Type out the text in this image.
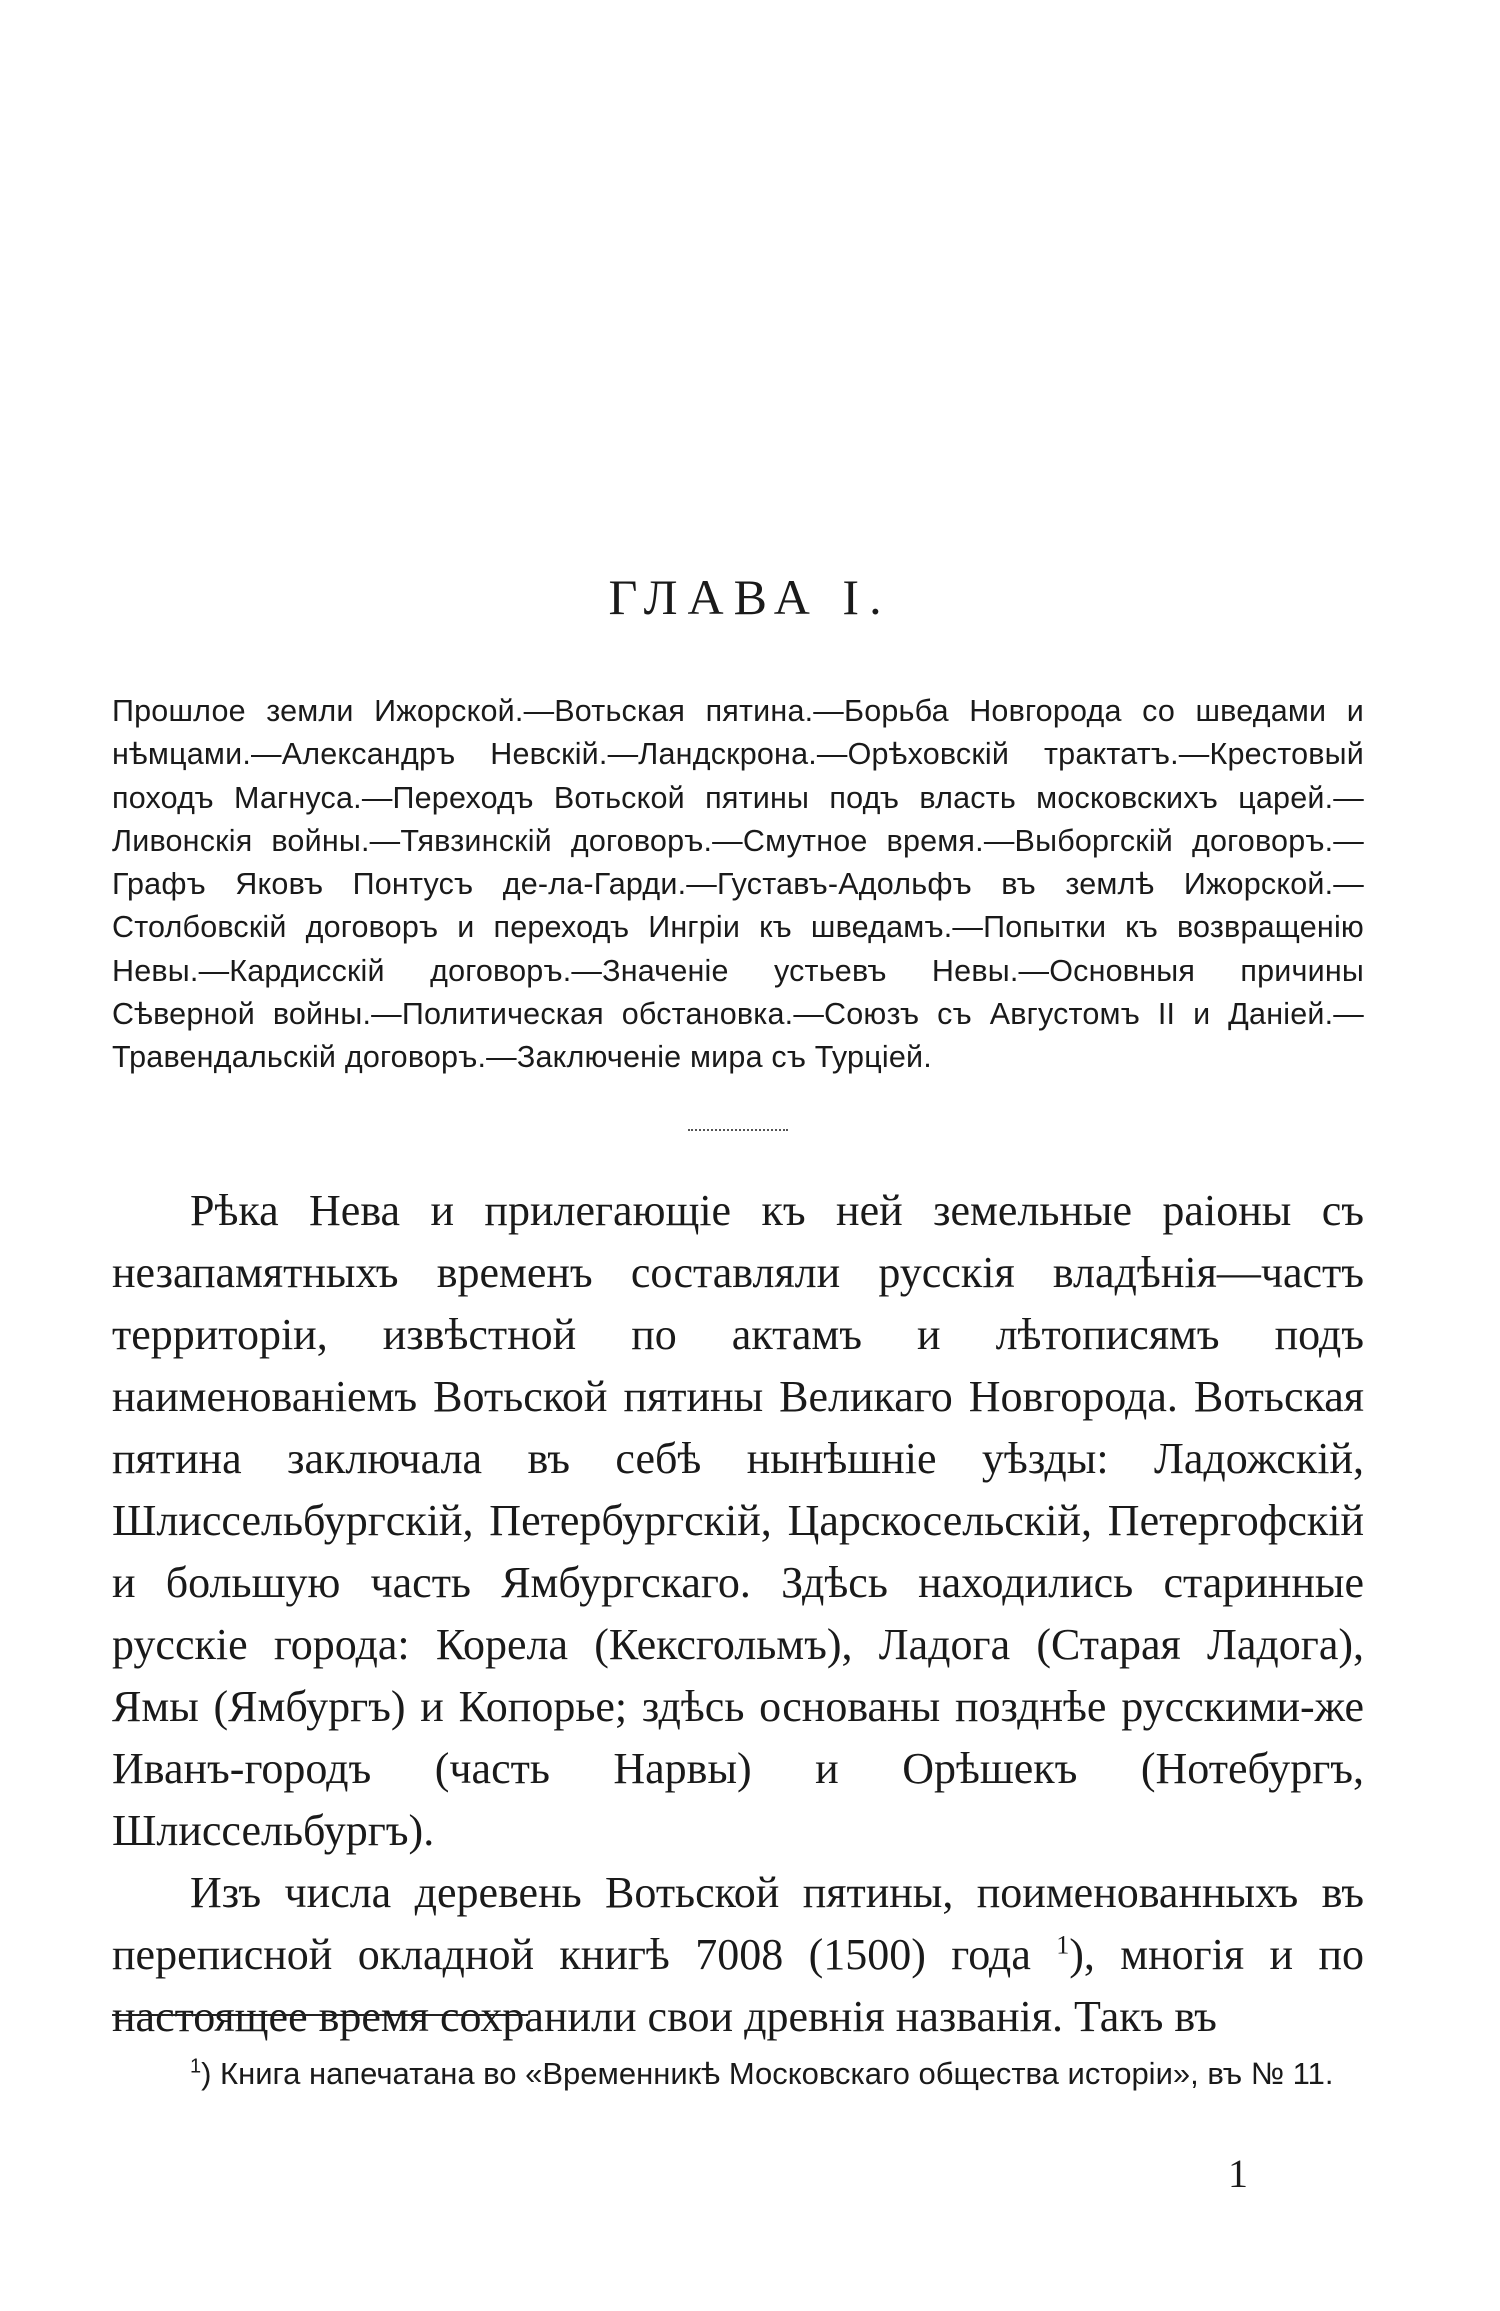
ГЛАВА I.

Прошлое земли Ижорской.—Вотьская пятина.—Борьба Новгорода со шведами и нѣмцами.—Александръ Невскій.—Ландскрона.—Орѣховскій трактатъ.—Крестовый походъ Магнуса.—Переходъ Вотьской пятины подъ власть московскихъ царей.—Ливонскія войны.—Тявзинскій договоръ.—Смутное время.—Выборгскій договоръ.—Графъ Яковъ Понтусъ де-ла-Гарди.—Густавъ-Адольфъ въ землѣ Ижорской.—Столбовскій договоръ и переходъ Ингріи къ шведамъ.—Попытки къ возвращенію Невы.—Кардисскій договоръ.—Значеніе устьевъ Невы.—Основныя причины Сѣверной войны.—Политическая обстановка.—Союзъ съ Августомъ II и Даніей.—Травендальскій договоръ.—Заключеніе мира съ Турціей.

Рѣка Нева и прилегающіе къ ней земельные раіоны съ незапамятныхъ временъ составляли русскія владѣнія—частъ территоріи, извѣстной по актамъ и лѣтописямъ подъ наименованіемъ Вотьской пятины Великаго Новгорода. Вотьская пятина заключала въ себѣ нынѣшніе уѣзды: Ладожскій, Шлиссельбургскій, Петербургскій, Царскосельскій, Петергофскій и большую часть Ямбургскаго. Здѣсь находились старинные русскіе города: Корела (Кексгольмъ), Ладога (Старая Ладога), Ямы (Ямбургъ) и Копорье; здѣсь основаны позднѣе русскими-же Иванъ-городъ (часть Нарвы) и Орѣшекъ (Нотебургъ, Шлиссельбургъ).

Изъ числа деревень Вотьской пятины, поименованныхъ въ переписной окладной книгѣ 7008 (1500) года $^1$), многія и по настоящее время сохранили свои древнія названія. Такъ въ

$^1$) Книга напечатана во «Временникѣ Московскаго общества исторіи», въ № 11.

1
